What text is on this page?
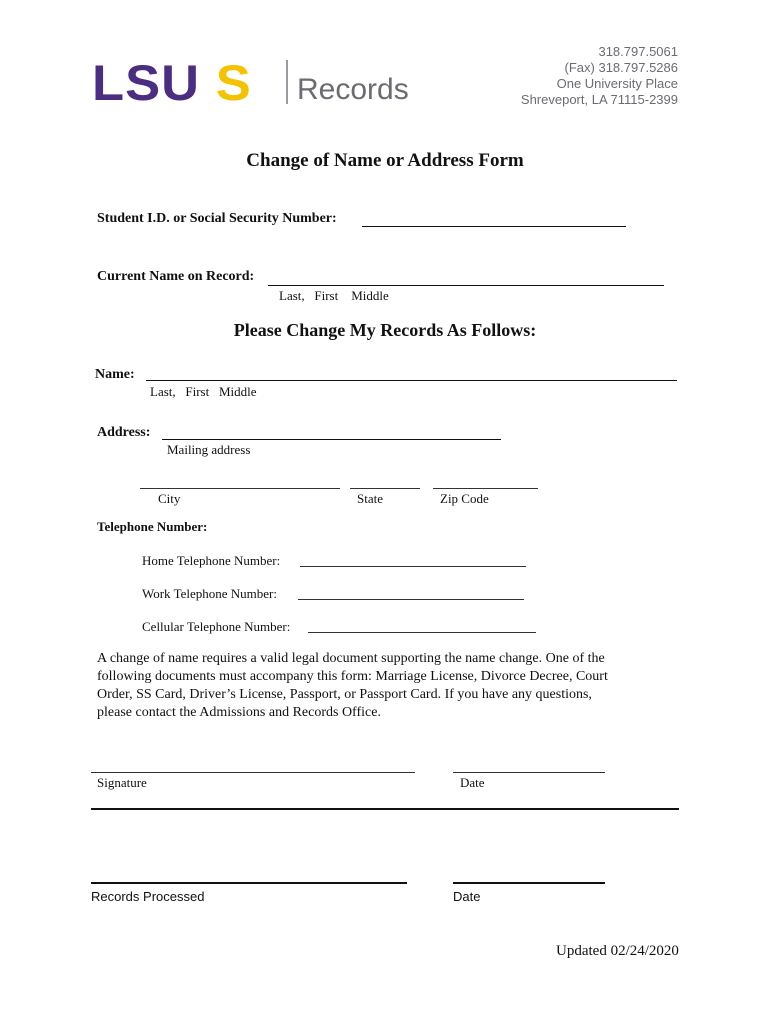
LSU S Records
318.797.5061
(Fax) 318.797.5286
One University Place
Shreveport, LA 71115-2399
Change of Name or Address Form
Student I.D. or Social Security Number:
Current Name on Record:
Last,   First    Middle
Please Change My Records As Follows:
Name:
Last,   First   Middle
Address:
Mailing address
City	State	Zip Code
Telephone Number:
Home Telephone Number:
Work Telephone Number:
Cellular Telephone Number:
A change of name requires a valid legal document supporting the name change. One of the
following documents must accompany this form: Marriage License, Divorce Decree, Court
Order, SS Card, Driver’s License, Passport, or Passport Card. If you have any questions,
please contact the Admissions and Records Office.
Signature	Date
Records Processed	Date
Updated 02/24/2020
